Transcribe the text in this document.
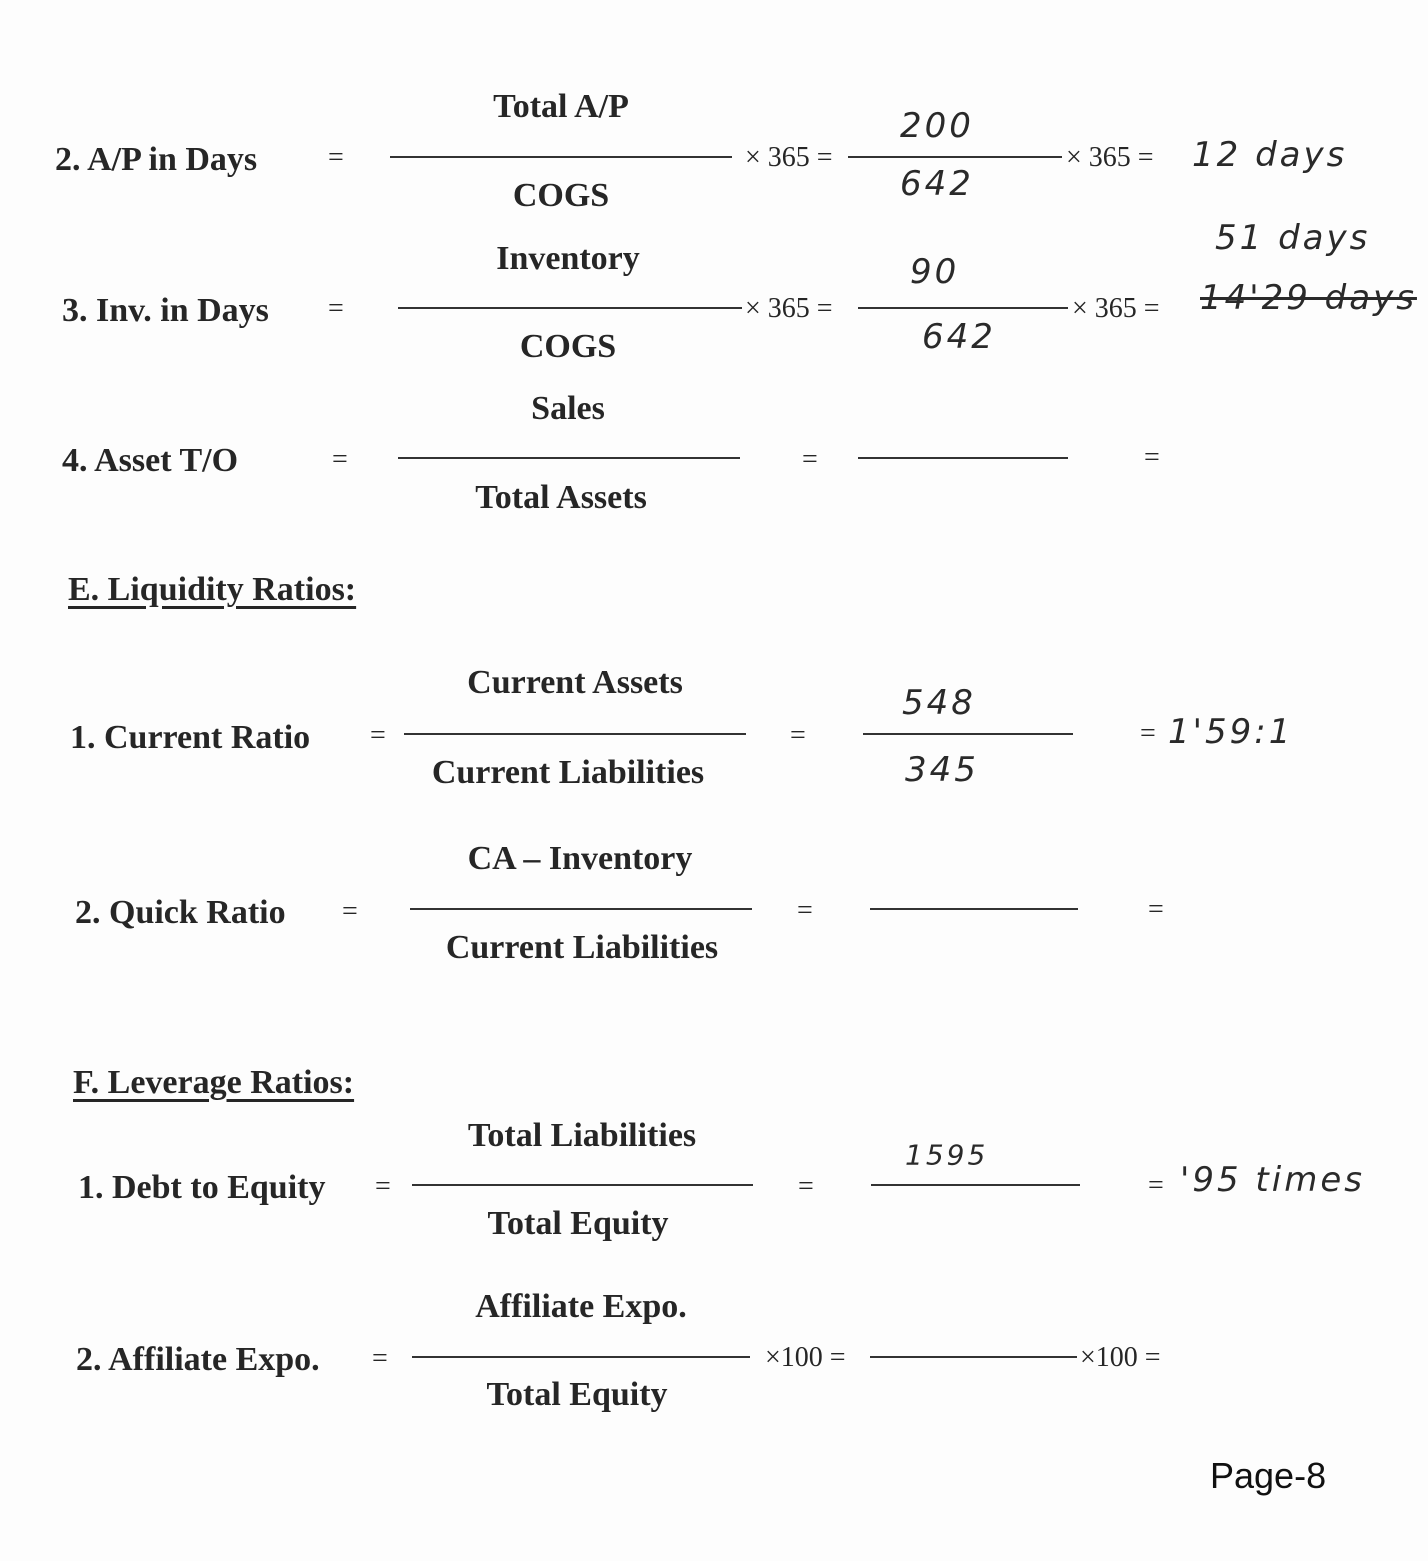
2. A/P in Days	=
Total A/P
COGS
× 365 =
200
642
× 365 = 12 days
3. Inv. in Days =
Inventory
COGS
× 365 =
90
642
× 365 =
51 days
14'29 days
4. Asset T/O	=
Sales
Total Assets
=	=
E. Liquidity Ratios:
1. Current Ratio =
Current Assets
Current Liabilities
=
548
345
= 1'59:1
2. Quick Ratio =
CA – Inventory
Current Liabilities
=	=
F. Leverage Ratios:
1. Debt to Equity =
Total Liabilities
Total Equity
=
1595
= '95 times
2. Affiliate Expo. =
Affiliate Expo.
Total Equity
×100 =	×100 =
Page-8
